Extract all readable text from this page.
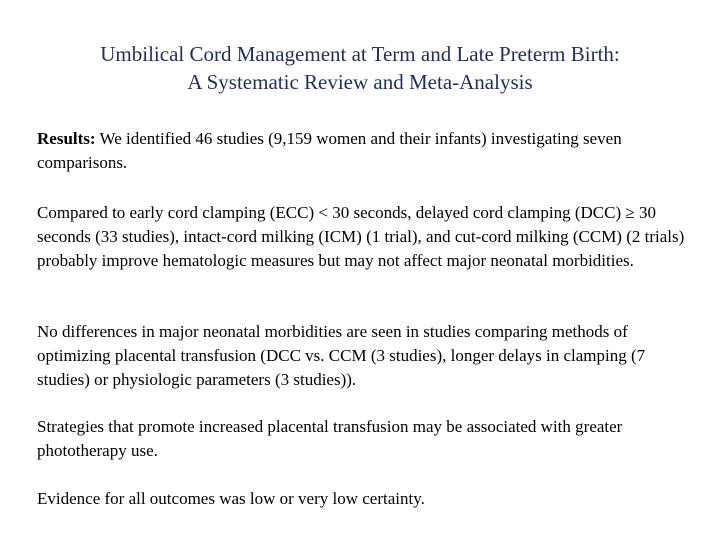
Umbilical Cord Management at Term and Late Preterm Birth:
A Systematic Review and Meta-Analysis

Results: We identified 46 studies (9,159 women and their infants) investigating seven comparisons.

Compared to early cord clamping (ECC) < 30 seconds, delayed cord clamping (DCC) ≥ 30 seconds (33 studies), intact-cord milking (ICM) (1 trial), and cut-cord milking (CCM) (2 trials) probably improve hematologic measures but may not affect major neonatal morbidities.

No differences in major neonatal morbidities are seen in studies comparing methods of optimizing placental transfusion (DCC vs. CCM (3 studies), longer delays in clamping (7 studies) or physiologic parameters (3 studies)).

Strategies that promote increased placental transfusion may be associated with greater phototherapy use.

Evidence for all outcomes was low or very low certainty.
